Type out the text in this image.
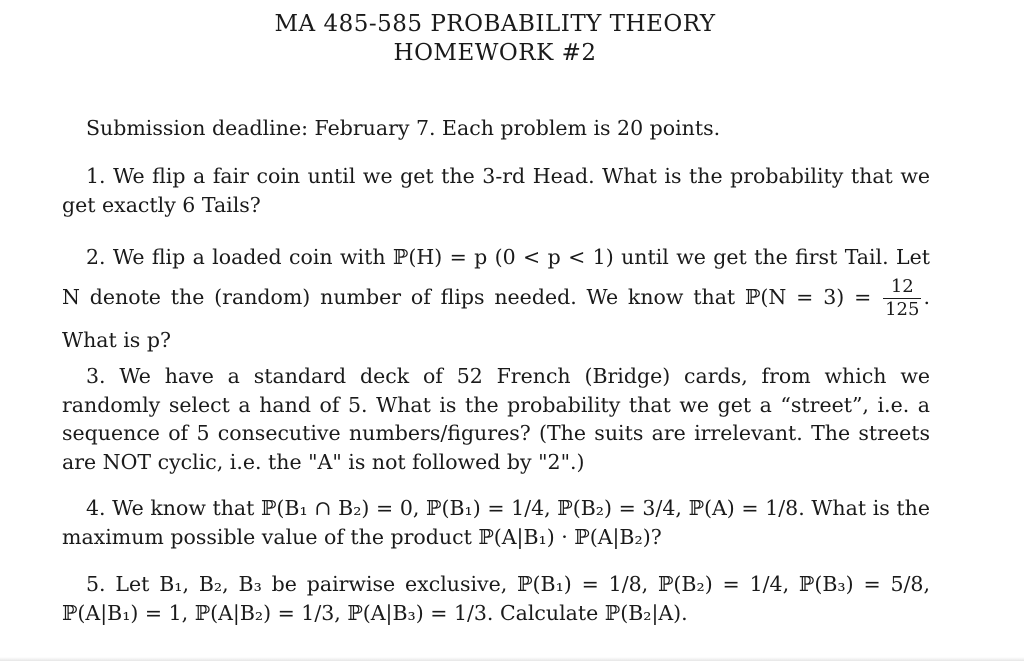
MA 485-585 PROBABILITY THEORY
HOMEWORK #2
Submission deadline: February 7. Each problem is 20 points.
1. We flip a fair coin until we get the 3-rd Head. What is the probability that we get exactly 6 Tails?
2. We flip a loaded coin with ℙ(H) = p (0 < p < 1) until we get the first Tail. Let N denote the (random) number of flips needed. We know that ℙ(N = $3) = \frac{12}{125}$ . What is p?
3. We have a standard deck of 52 French (Bridge) cards, from which we randomly select a hand of 5. What is the probability that we get a “street”, i.e. a sequence of 5 consecutive numbers/figures? (The suits are irrelevant. The streets are NOT cyclic, i.e. the "A" is not followed by "2".)
4. We know that ℙ(B₁ ∩ B₂) = 0, ℙ(B₁) = 1/4, ℙ(B₂) = 3/4, ℙ(A) = 1/8. What is the maximum possible value of the product ℙ(A|B₁) · ℙ(A|B₂)?
5. Let B₁, B₂, B₃ be pairwise exclusive, ℙ(B₁) = 1/8, ℙ(B₂) = 1/4, ℙ(B₃) = 5/8, ℙ(A|B₁) = 1, ℙ(A|B₂) = 1/3, ℙ(A|B₃) = 1/3. Calculate ℙ(B₂|A).
